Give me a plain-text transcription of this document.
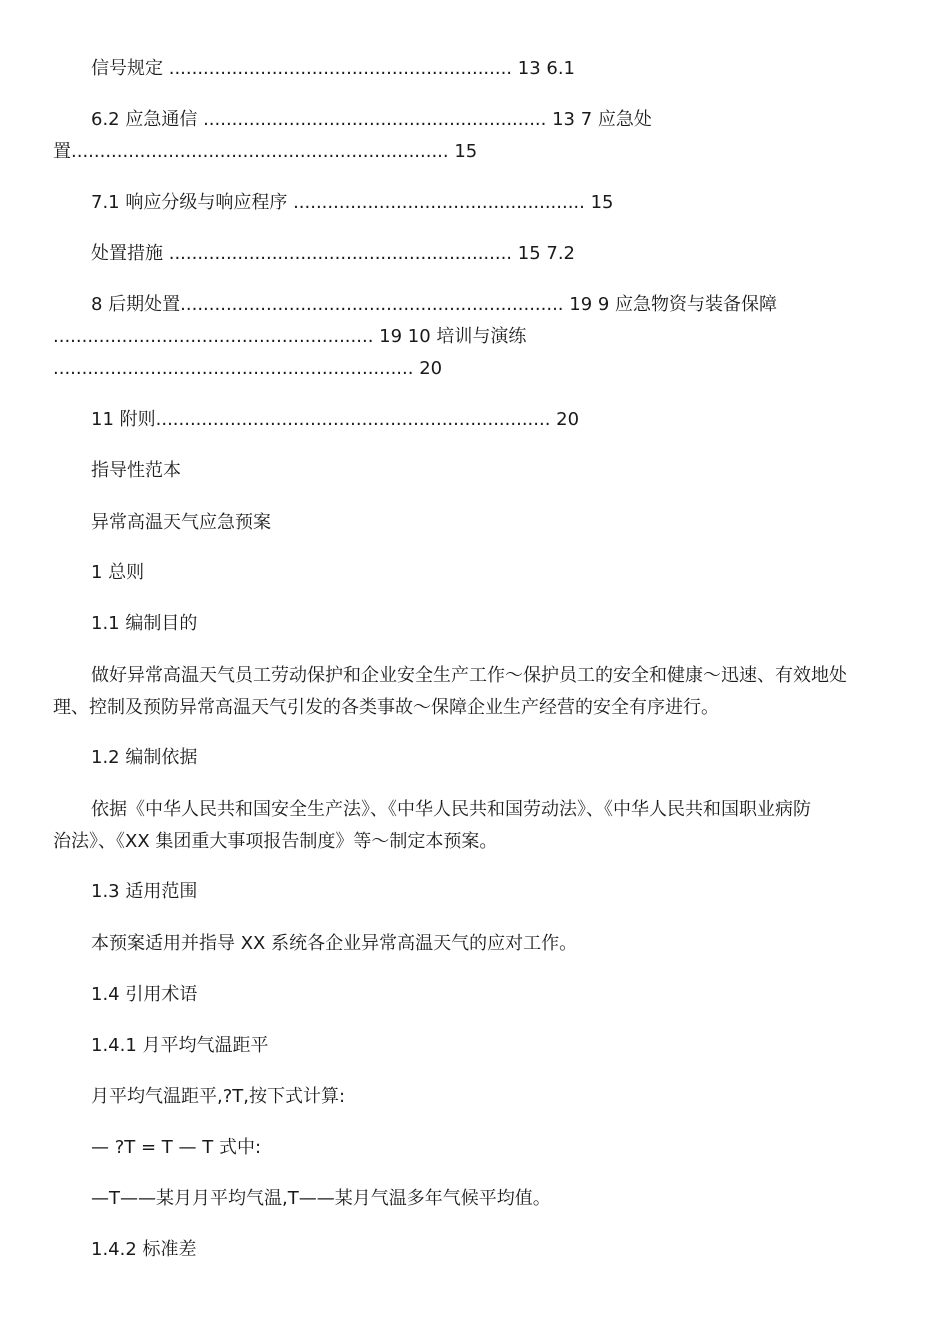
信号规定 ............................................................ 13 6.1
6.2 应急通信 ............................................................ 13 7 应急处
置.................................................................. 15
7.1 响应分级与响应程序 ................................................... 15
处置措施 ............................................................ 15 7.2
8 后期处置................................................................... 19 9 应急物资与装备保障
........................................................ 19 10 培训与演练
............................................................... 20
11 附则..................................................................... 20
指导性范本
异常高温天气应急预案
1 总则
1.1 编制目的
做好异常高温天气员工劳动保护和企业安全生产工作～保护员工的安全和健康～迅速、有效地处
理、控制及预防异常高温天气引发的各类事故～保障企业生产经营的安全有序进行。
1.2 编制依据
依据《中华人民共和国安全生产法》、《中华人民共和国劳动法》、《中华人民共和国职业病防
治法》、《XX 集团重大事项报告制度》等～制定本预案。
1.3 适用范围
本预案适用并指导 XX 系统各企业异常高温天气的应对工作。
1.4 引用术语
1.4.1 月平均气温距平
月平均气温距平,?T,按下式计算:
— ?T = T — T 式中:
—T——某月月平均气温,T——某月气温多年气候平均值。
1.4.2 标准差
